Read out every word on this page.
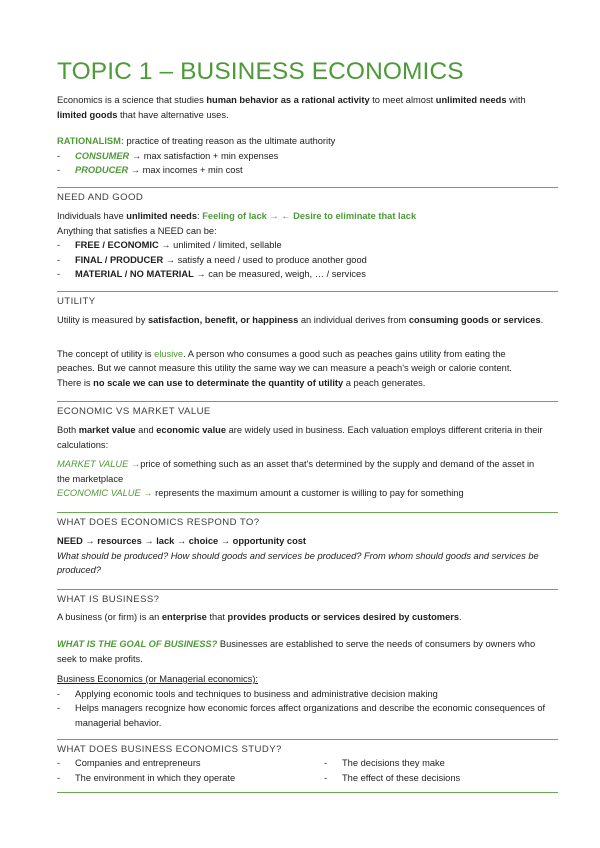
TOPIC 1 – BUSINESS ECONOMICS
Economics is a science that studies human behavior as a rational activity to meet almost unlimited needs with limited goods that have alternative uses.
RATIONALISM: practice of treating reason as the ultimate authority
- CONSUMER → max satisfaction + min expenses
- PRODUCER → max incomes + min cost
NEED AND GOOD
Individuals have unlimited needs: Feeling of lack → ← Desire to eliminate that lack
Anything that satisfies a NEED can be:
- FREE / ECONOMIC → unlimited / limited, sellable
- FINAL / PRODUCER → satisfy a need / used to produce another good
- MATERIAL / NO MATERIAL → can be measured, weigh, … / services
UTILITY
Utility is measured by satisfaction, benefit, or happiness an individual derives from consuming goods or services.
The concept of utility is elusive. A person who consumes a good such as peaches gains utility from eating the peaches. But we cannot measure this utility the same way we can measure a peach's weigh or calorie content. There is no scale we can use to determinate the quantity of utility a peach generates.
ECONOMIC VS MARKET VALUE
Both market value and economic value are widely used in business. Each valuation employs different criteria in their calculations:
MARKET VALUE →price of something such as an asset that's determined by the supply and demand of the asset in the marketplace
ECONOMIC VALUE → represents the maximum amount a customer is willing to pay for something
WHAT DOES ECONOMICS RESPOND TO?
NEED → resources → lack → choice → opportunity cost
What should be produced? How should goods and services be produced? From whom should goods and services be produced?
WHAT IS BUSINESS?
A business (or firm) is an enterprise that provides products or services desired by customers.
WHAT IS THE GOAL OF BUSINESS? Businesses are established to serve the needs of consumers by owners who seek to make profits.
Business Economics (or Managerial economics):
- Applying economic tools and techniques to business and administrative decision making
- Helps managers recognize how economic forces affect organizations and describe the economic consequences of managerial behavior.
WHAT DOES BUSINESS ECONOMICS STUDY?
- Companies and entrepreneurs
- The environment in which they operate
- The decisions they make
- The effect of these decisions
